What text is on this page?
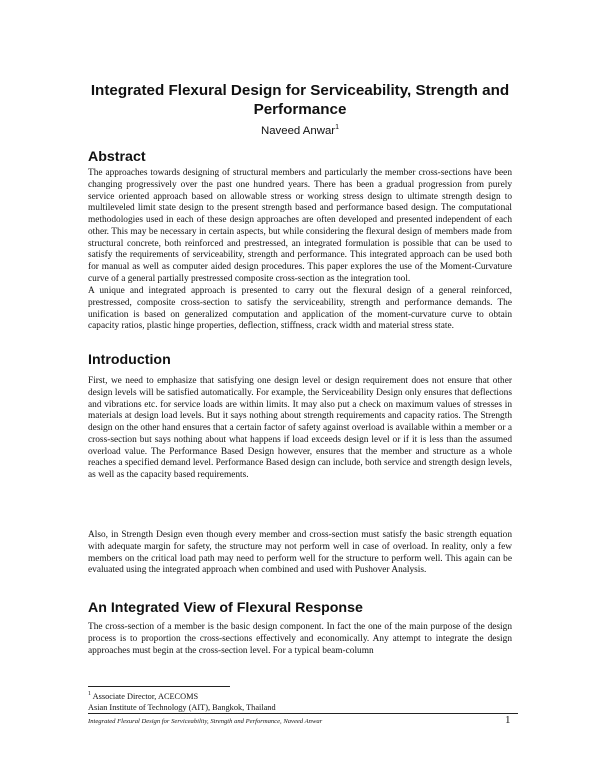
Integrated Flexural Design for Serviceability, Strength and Performance

Naveed Anwar$^1$

Abstract

The approaches towards designing of structural members and particularly the member cross-sections have been changing progressively over the past one hundred years. There has been a gradual progression from purely service oriented approach based on allowable stress or working stress design to ultimate strength design to multileveled limit state design to the present strength based and performance based design. The computational methodologies used in each of these design approaches are often developed and presented independent of each other. This may be necessary in certain aspects, but while considering the flexural design of members made from structural concrete, both reinforced and prestressed, an integrated formulation is possible that can be used to satisfy the requirements of serviceability, strength and performance. This integrated approach can be used both for manual as well as computer aided design procedures. This paper explores the use of the Moment-Curvature curve of a general partially prestressed composite cross-section as the integration tool.

A unique and integrated approach is presented to carry out the flexural design of a general reinforced, prestressed, composite cross-section to satisfy the serviceability, strength and performance demands. The unification is based on generalized computation and application of the moment-curvature curve to obtain capacity ratios, plastic hinge properties, deflection, stiffness, crack width and material stress state.

Introduction

First, we need to emphasize that satisfying one design level or design requirement does not ensure that other design levels will be satisfied automatically. For example, the Serviceability Design only ensures that deflections and vibrations etc. for service loads are within limits. It may also put a check on maximum values of stresses in materials at design load levels. But it says nothing about strength requirements and capacity ratios. The Strength design on the other hand ensures that a certain factor of safety against overload is available within a member or a cross-section but says nothing about what happens if load exceeds design level or if it is less than the assumed overload value. The Performance Based Design however, ensures that the member and structure as a whole reaches a specified demand level. Performance Based design can include, both service and strength design levels, as well as the capacity based requirements.

Also, in Strength Design even though every member and cross-section must satisfy the basic strength equation with adequate margin for safety, the structure may not perform well in case of overload. In reality, only a few members on the critical load path may need to perform well for the structure to perform well. This again can be evaluated using the integrated approach when combined and used with Pushover Analysis.

An Integrated View of Flexural Response

The cross-section of a member is the basic design component. In fact the one of the main purpose of the design process is to proportion the cross-sections effectively and economically. Any attempt to integrate the design approaches must begin at the cross-section level. For a typical beam-column

$^1$ Associate Director, ACECOMS
Asian Institute of Technology (AIT), Bangkok, Thailand

Integrated Flexural Design for Serviceability, Strength and Performance, Naveed Anwar	1
